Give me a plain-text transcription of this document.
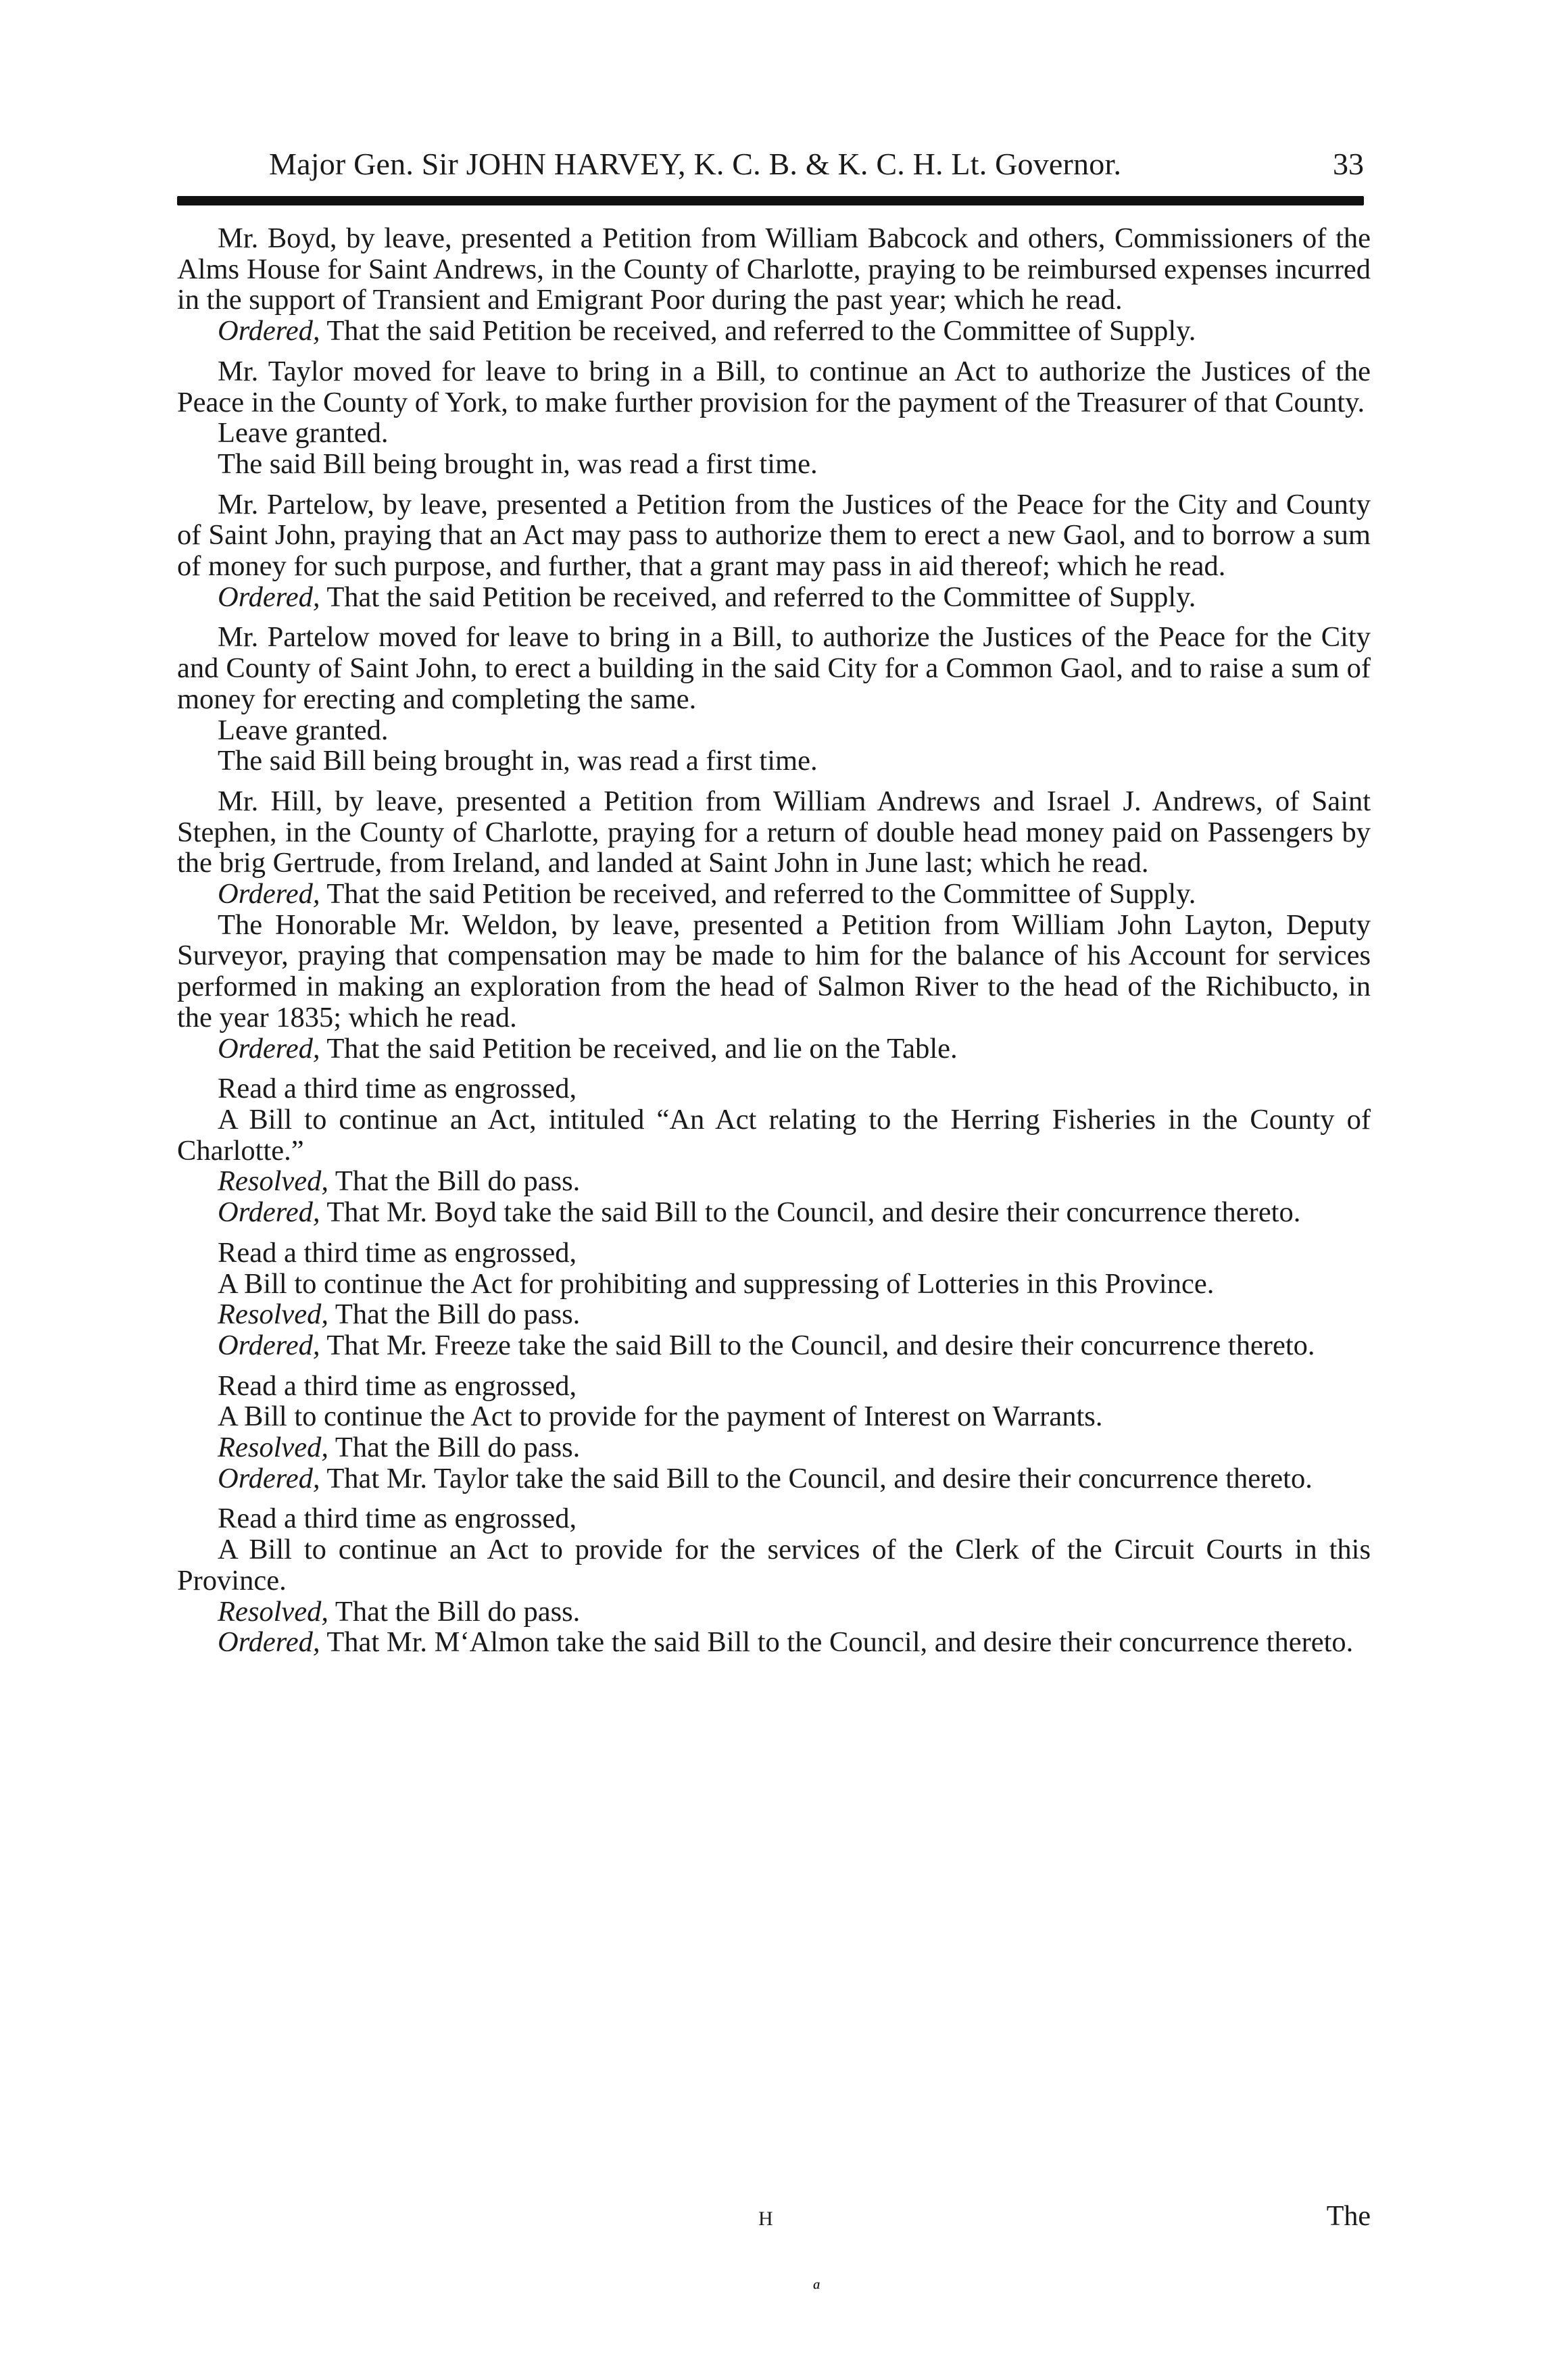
Major Gen. Sir JOHN HARVEY, K. C. B. & K. C. H. Lt. Governor.	33

Mr. Boyd, by leave, presented a Petition from William Babcock and others, Commissioners of the Alms House for Saint Andrews, in the County of Charlotte, praying to be reimbursed expenses incurred in the support of Transient and Emigrant Poor during the past year; which he read.

Ordered, That the said Petition be received, and referred to the Committee of Supply.

Mr. Taylor moved for leave to bring in a Bill, to continue an Act to authorize the Justices of the Peace in the County of York, to make further provision for the payment of the Treasurer of that County.

Leave granted.

The said Bill being brought in, was read a first time.

Mr. Partelow, by leave, presented a Petition from the Justices of the Peace for the City and County of Saint John, praying that an Act may pass to authorize them to erect a new Gaol, and to borrow a sum of money for such purpose, and further, that a grant may pass in aid thereof; which he read.

Ordered, That the said Petition be received, and referred to the Committee of Supply.

Mr. Partelow moved for leave to bring in a Bill, to authorize the Justices of the Peace for the City and County of Saint John, to erect a building in the said City for a Common Gaol, and to raise a sum of money for erecting and completing the same.

Leave granted.

The said Bill being brought in, was read a first time.

Mr. Hill, by leave, presented a Petition from William Andrews and Israel J. Andrews, of Saint Stephen, in the County of Charlotte, praying for a return of double head money paid on Passengers by the brig Gertrude, from Ireland, and landed at Saint John in June last; which he read.

Ordered, That the said Petition be received, and referred to the Committee of Supply.

The Honorable Mr. Weldon, by leave, presented a Petition from William John Layton, Deputy Surveyor, praying that compensation may be made to him for the balance of his Account for services performed in making an exploration from the head of Salmon River to the head of the Richibucto, in the year 1835; which he read.

Ordered, That the said Petition be received, and lie on the Table.

Read a third time as engrossed,

A Bill to continue an Act, intituled “An Act relating to the Herring Fisheries in the County of Charlotte.”

Resolved, That the Bill do pass.

Ordered, That Mr. Boyd take the said Bill to the Council, and desire their concurrence thereto.

Read a third time as engrossed,

A Bill to continue the Act for prohibiting and suppressing of Lotteries in this Province.

Resolved, That the Bill do pass.

Ordered, That Mr. Freeze take the said Bill to the Council, and desire their concurrence thereto.

Read a third time as engrossed,

A Bill to continue the Act to provide for the payment of Interest on Warrants.

Resolved, That the Bill do pass.

Ordered, That Mr. Taylor take the said Bill to the Council, and desire their concurrence thereto.

Read a third time as engrossed,

A Bill to continue an Act to provide for the services of the Clerk of the Circuit Courts in this Province.

Resolved, That the Bill do pass.

Ordered, That Mr. M‘Almon take the said Bill to the Council, and desire their concurrence thereto.

H	The
ª
